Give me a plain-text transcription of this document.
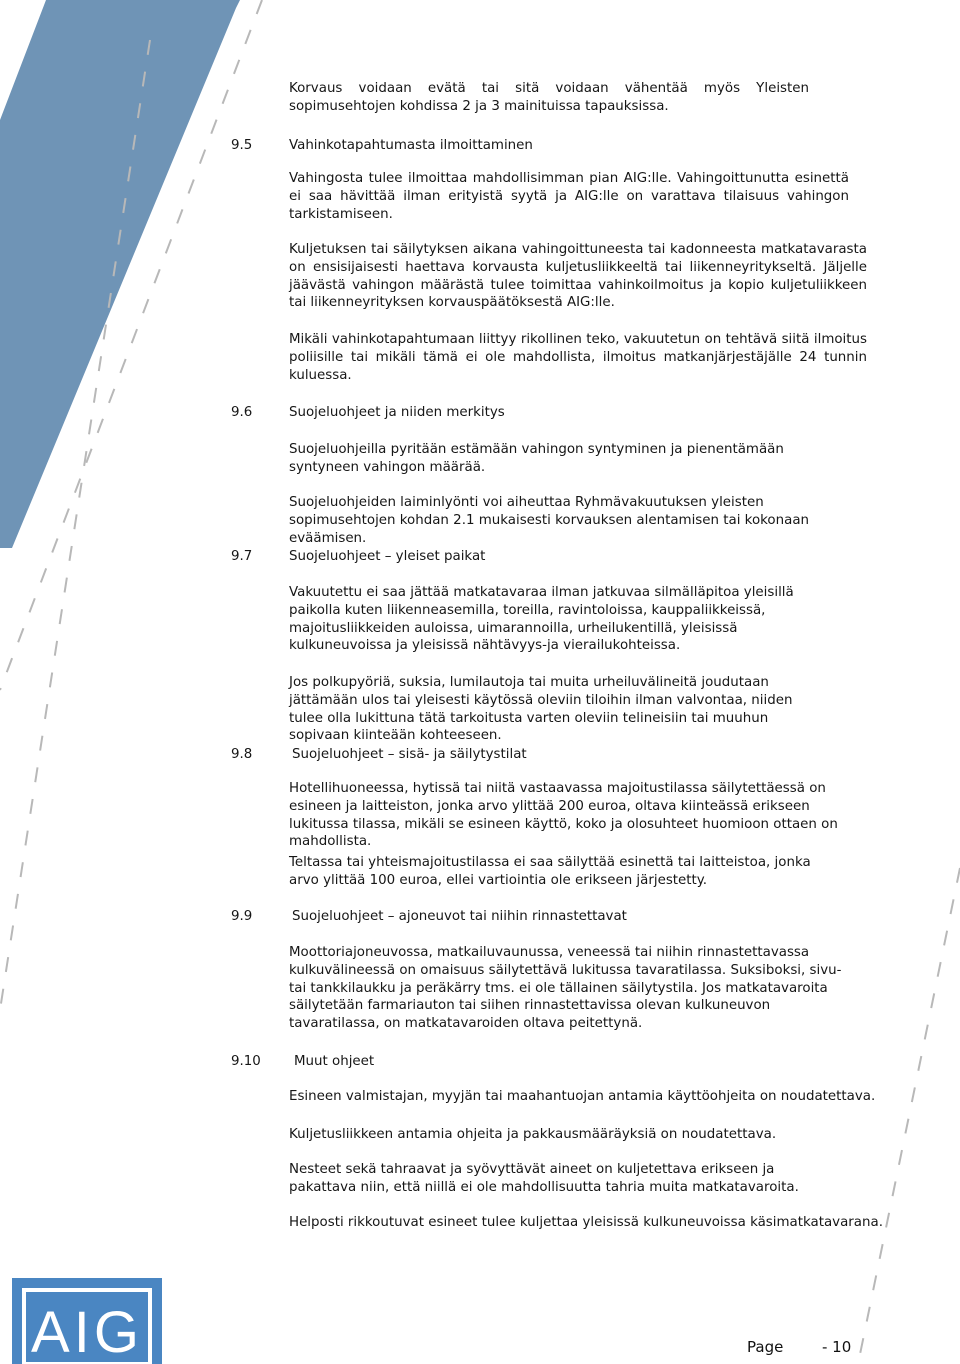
Korvaus voidaan evätä tai sitä voidaan vähentää myös Yleisten sopimusehtojen kohdissa 2 ja 3 mainituissa tapauksissa.

9.5	Vahinkotapahtumasta ilmoittaminen

Vahingosta tulee ilmoittaa mahdollisimman pian AIG:lle. Vahingoittunutta esinettä ei saa hävittää ilman erityistä syytä ja AIG:lle on varattava tilaisuus vahingon tarkistamiseen.

Kuljetuksen tai säilytyksen aikana vahingoittuneesta tai kadonneesta matkatavarasta on ensisijaisesti haettava korvausta kuljetusliikkeeltä tai liikenneyritykseltä. Jäljelle jäävästä vahingon määrästä tulee toimittaa vahinkoilmoitus ja kopio kuljetuliikkeen tai liikenneyrityksen korvauspäätöksestä AIG:lle.

Mikäli vahinkotapahtumaan liittyy rikollinen teko, vakuutetun on tehtävä siitä ilmoitus poliisille tai mikäli tämä ei ole mahdollista, ilmoitus matkanjärjestäjälle 24 tunnin kuluessa.

9.6	Suojeluohjeet ja niiden merkitys

Suojeluohjeilla pyritään estämään vahingon syntyminen ja pienentämään syntyneen vahingon määrää.

Suojeluohjeiden laiminlyönti voi aiheuttaa Ryhmävakuutuksen yleisten sopimusehtojen kohdan 2.1 mukaisesti korvauksen alentamisen tai kokonaan eväämisen.

9.7	Suojeluohjeet – yleiset paikat

Vakuutettu ei saa jättää matkatavaraa ilman jatkuvaa silmälläpitoa yleisillä paikolla kuten liikenneasemilla, toreilla, ravintoloissa, kauppaliikkeissä, majoitusliikkeiden auloissa, uimarannoilla, urheilukentillä, yleisissä kulkuneuvoissa ja yleisissä nähtävyys-ja vierailukohteissa.

Jos polkupyöriä, suksia, lumilautoja tai muita urheiluvälineitä joudutaan jättämään ulos tai yleisesti käytössä oleviin tiloihin ilman valvontaa, niiden tulee olla lukittuna tätä tarkoitusta varten oleviin telineisiin tai muuhun sopivaan kiinteään kohteeseen.

9.8	Suojeluohjeet – sisä- ja säilytystilat

Hotellihuoneessa, hytissä tai niitä vastaavassa majoitustilassa säilytettäessä on esineen ja laitteiston, jonka arvo ylittää 200 euroa, oltava kiinteässä erikseen lukitussa tilassa, mikäli se esineen käyttö, koko ja olosuhteet huomioon ottaen on mahdollista.

Teltassa tai yhteismajoitustilassa ei saa säilyttää esinettä tai laitteistoa, jonka arvo ylittää 100 euroa, ellei vartiointia ole erikseen järjestetty.

9.9	Suojeluohjeet – ajoneuvot tai niihin rinnastettavat

Moottoriajoneuvossa, matkailuvaunussa, veneessä tai niihin rinnastettavassa kulkuvälineessä on omaisuus säilytettävä lukitussa tavaratilassa. Suksiboksi, sivu- tai tankkilaukku ja peräkärry tms. ei ole tällainen säilytystila. Jos matkatavaroita säilytetään farmariauton tai siihen rinnastettavissa olevan kulkuneuvon tavaratilassa, on matkatavaroiden oltava peitettynä.

9.10 Muut ohjeet

Esineen valmistajan, myyjän tai maahantuojan antamia käyttöohjeita on noudatettava.

Kuljetusliikkeen antamia ohjeita ja pakkausmääräyksiä on noudatettava.

Nesteet sekä tahraavat ja syövyttävät aineet on kuljetettava erikseen ja pakattava niin, että niillä ei ole mahdollisuutta tahria muita matkatavaroita.

Helposti rikkoutuvat esineet tulee kuljettaa yleisissä kulkuneuvoissa käsimatkatavarana.

AIG	Page	- 10
